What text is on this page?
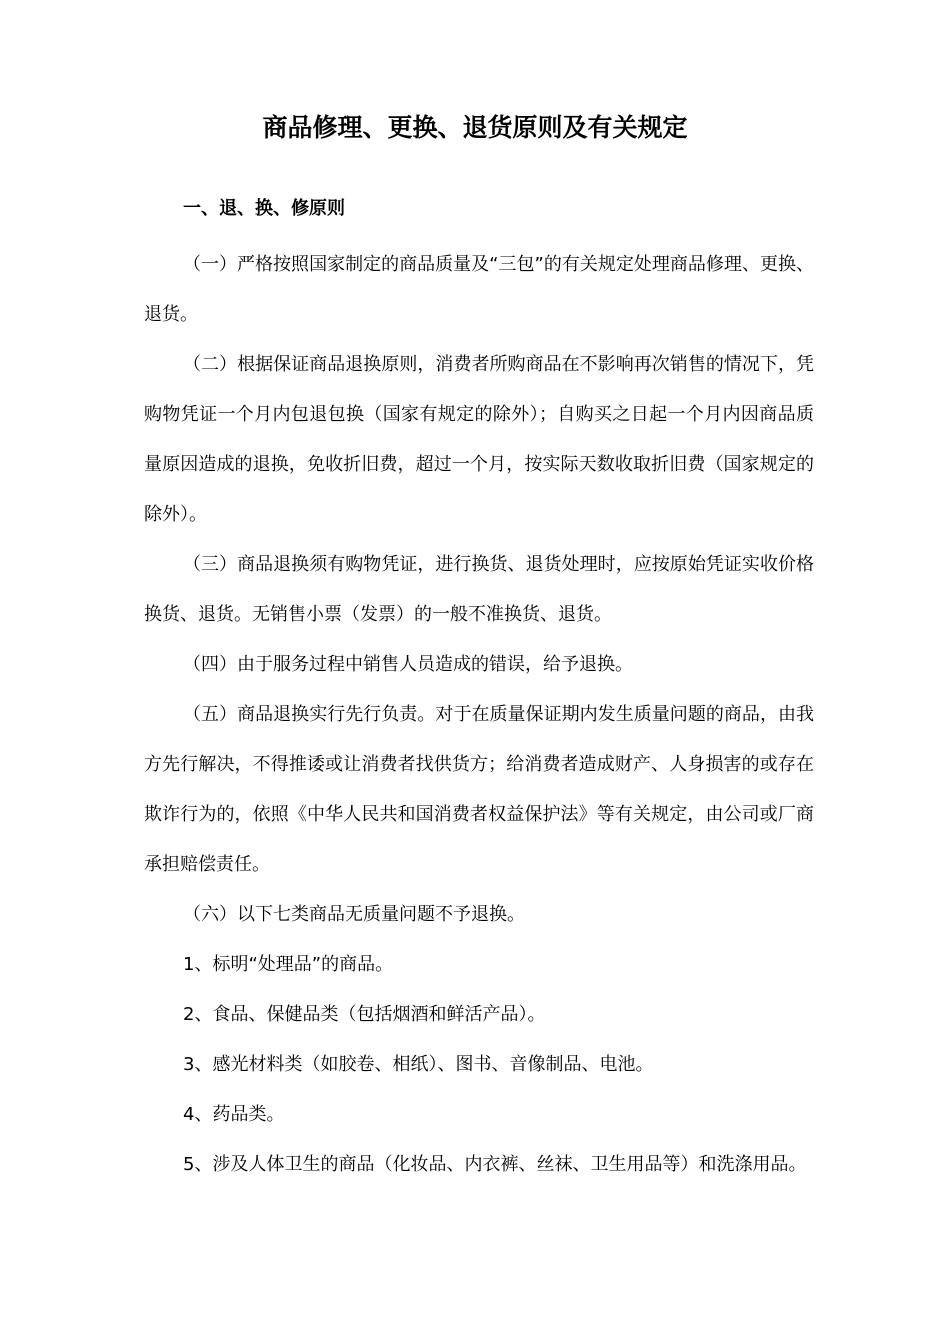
商品修理、更换、退货原则及有关规定
一、退、换、修原则

（一）严格按照国家制定的商品质量及“三包”的有关规定处理商品修理、更换、退货。

（二）根据保证商品退换原则，消费者所购商品在不影响再次销售的情况下，凭购物凭证一个月内包退包换（国家有规定的除外）；自购买之日起一个月内因商品质量原因造成的退换，免收折旧费，超过一个月，按实际天数收取折旧费（国家规定的除外）。

（三）商品退换须有购物凭证，进行换货、退货处理时，应按原始凭证实收价格换货、退货。无销售小票（发票）的一般不准换货、退货。

（四）由于服务过程中销售人员造成的错误，给予退换。

（五）商品退换实行先行负责。对于在质量保证期内发生质量问题的商品，由我方先行解决，不得推诿或让消费者找供货方；给消费者造成财产、人身损害的或存在欺诈行为的，依照《中华人民共和国消费者权益保护法》等有关规定，由公司或厂商承担赔偿责任。

（六）以下七类商品无质量问题不予退换。

1、标明“处理品”的商品。

2、食品、保健品类（包括烟酒和鲜活产品）。

3、感光材料类（如胶卷、相纸）、图书、音像制品、电池。

4、药品类。

5、涉及人体卫生的商品（化妆品、内衣裤、丝袜、卫生用品等）和洗涤用品。
